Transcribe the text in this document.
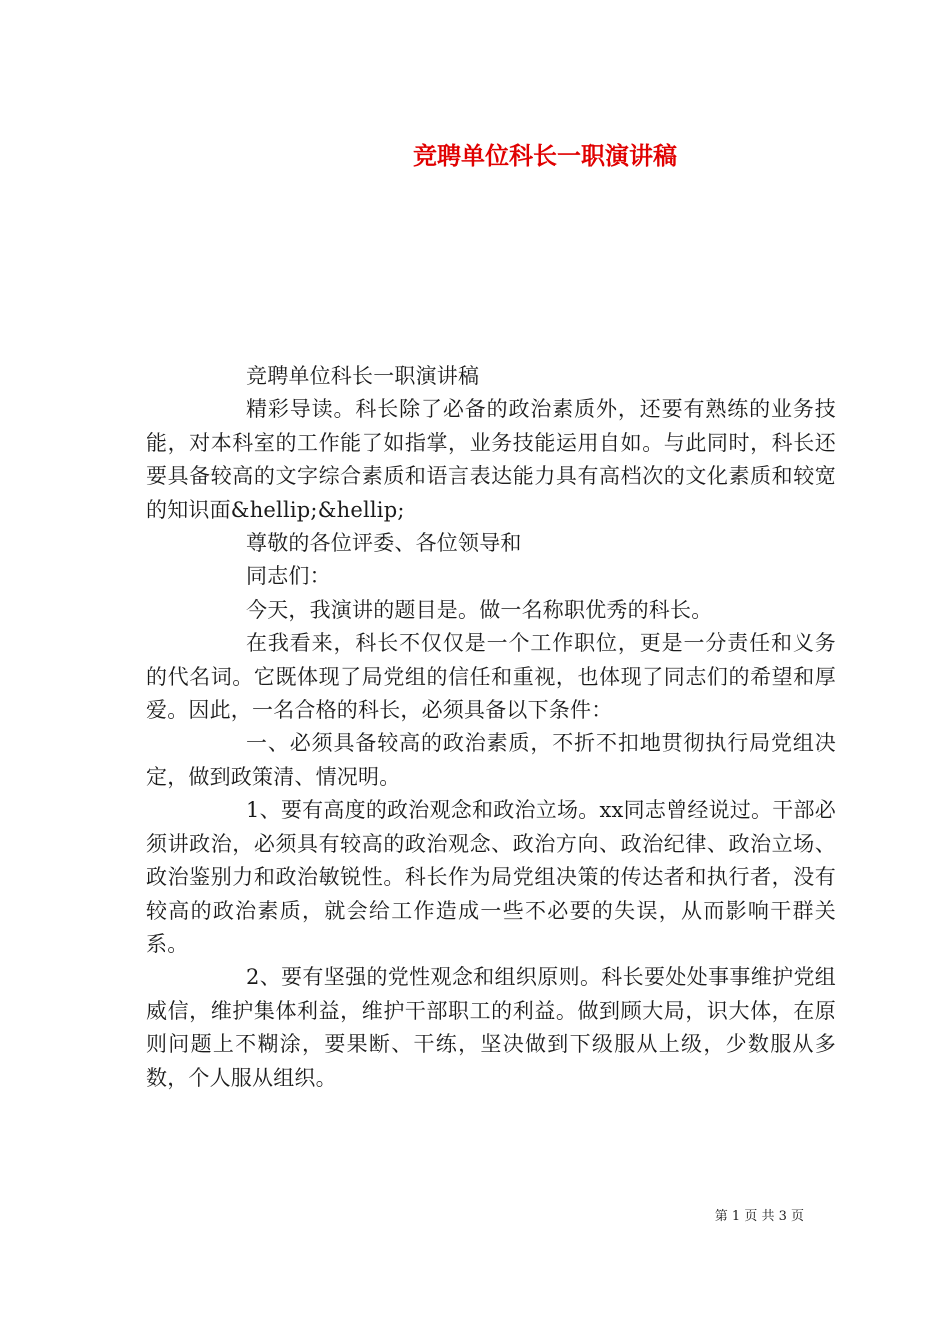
竞聘单位科长一职演讲稿

竞聘单位科长一职演讲稿

精彩导读。科长除了必备的政治素质外，还要有熟练的业务技能，对本科室的工作能了如指掌，业务技能运用自如。与此同时，科长还要具备较高的文字综合素质和语言表达能力具有高档次的文化素质和较宽的知识面&hellip;&hellip;

尊敬的各位评委、各位领导和

同志们：

今天，我演讲的题目是。做一名称职优秀的科长。

在我看来，科长不仅仅是一个工作职位，更是一分责任和义务的代名词。它既体现了局党组的信任和重视，也体现了同志们的希望和厚爱。因此，一名合格的科长，必须具备以下条件：

一、必须具备较高的政治素质，不折不扣地贯彻执行局党组决定，做到政策清、情况明。

1、要有高度的政治观念和政治立场。xx同志曾经说过。干部必须讲政治，必须具有较高的政治观念、政治方向、政治纪律、政治立场、政治鉴别力和政治敏锐性。科长作为局党组决策的传达者和执行者，没有较高的政治素质，就会给工作造成一些不必要的失误，从而影响干群关系。

2、要有坚强的党性观念和组织原则。科长要处处事事维护党组威信，维护集体利益，维护干部职工的利益。做到顾大局，识大体，在原则问题上不糊涂，要果断、干练，坚决做到下级服从上级，少数服从多数，个人服从组织。

第 1 页 共 3 页
